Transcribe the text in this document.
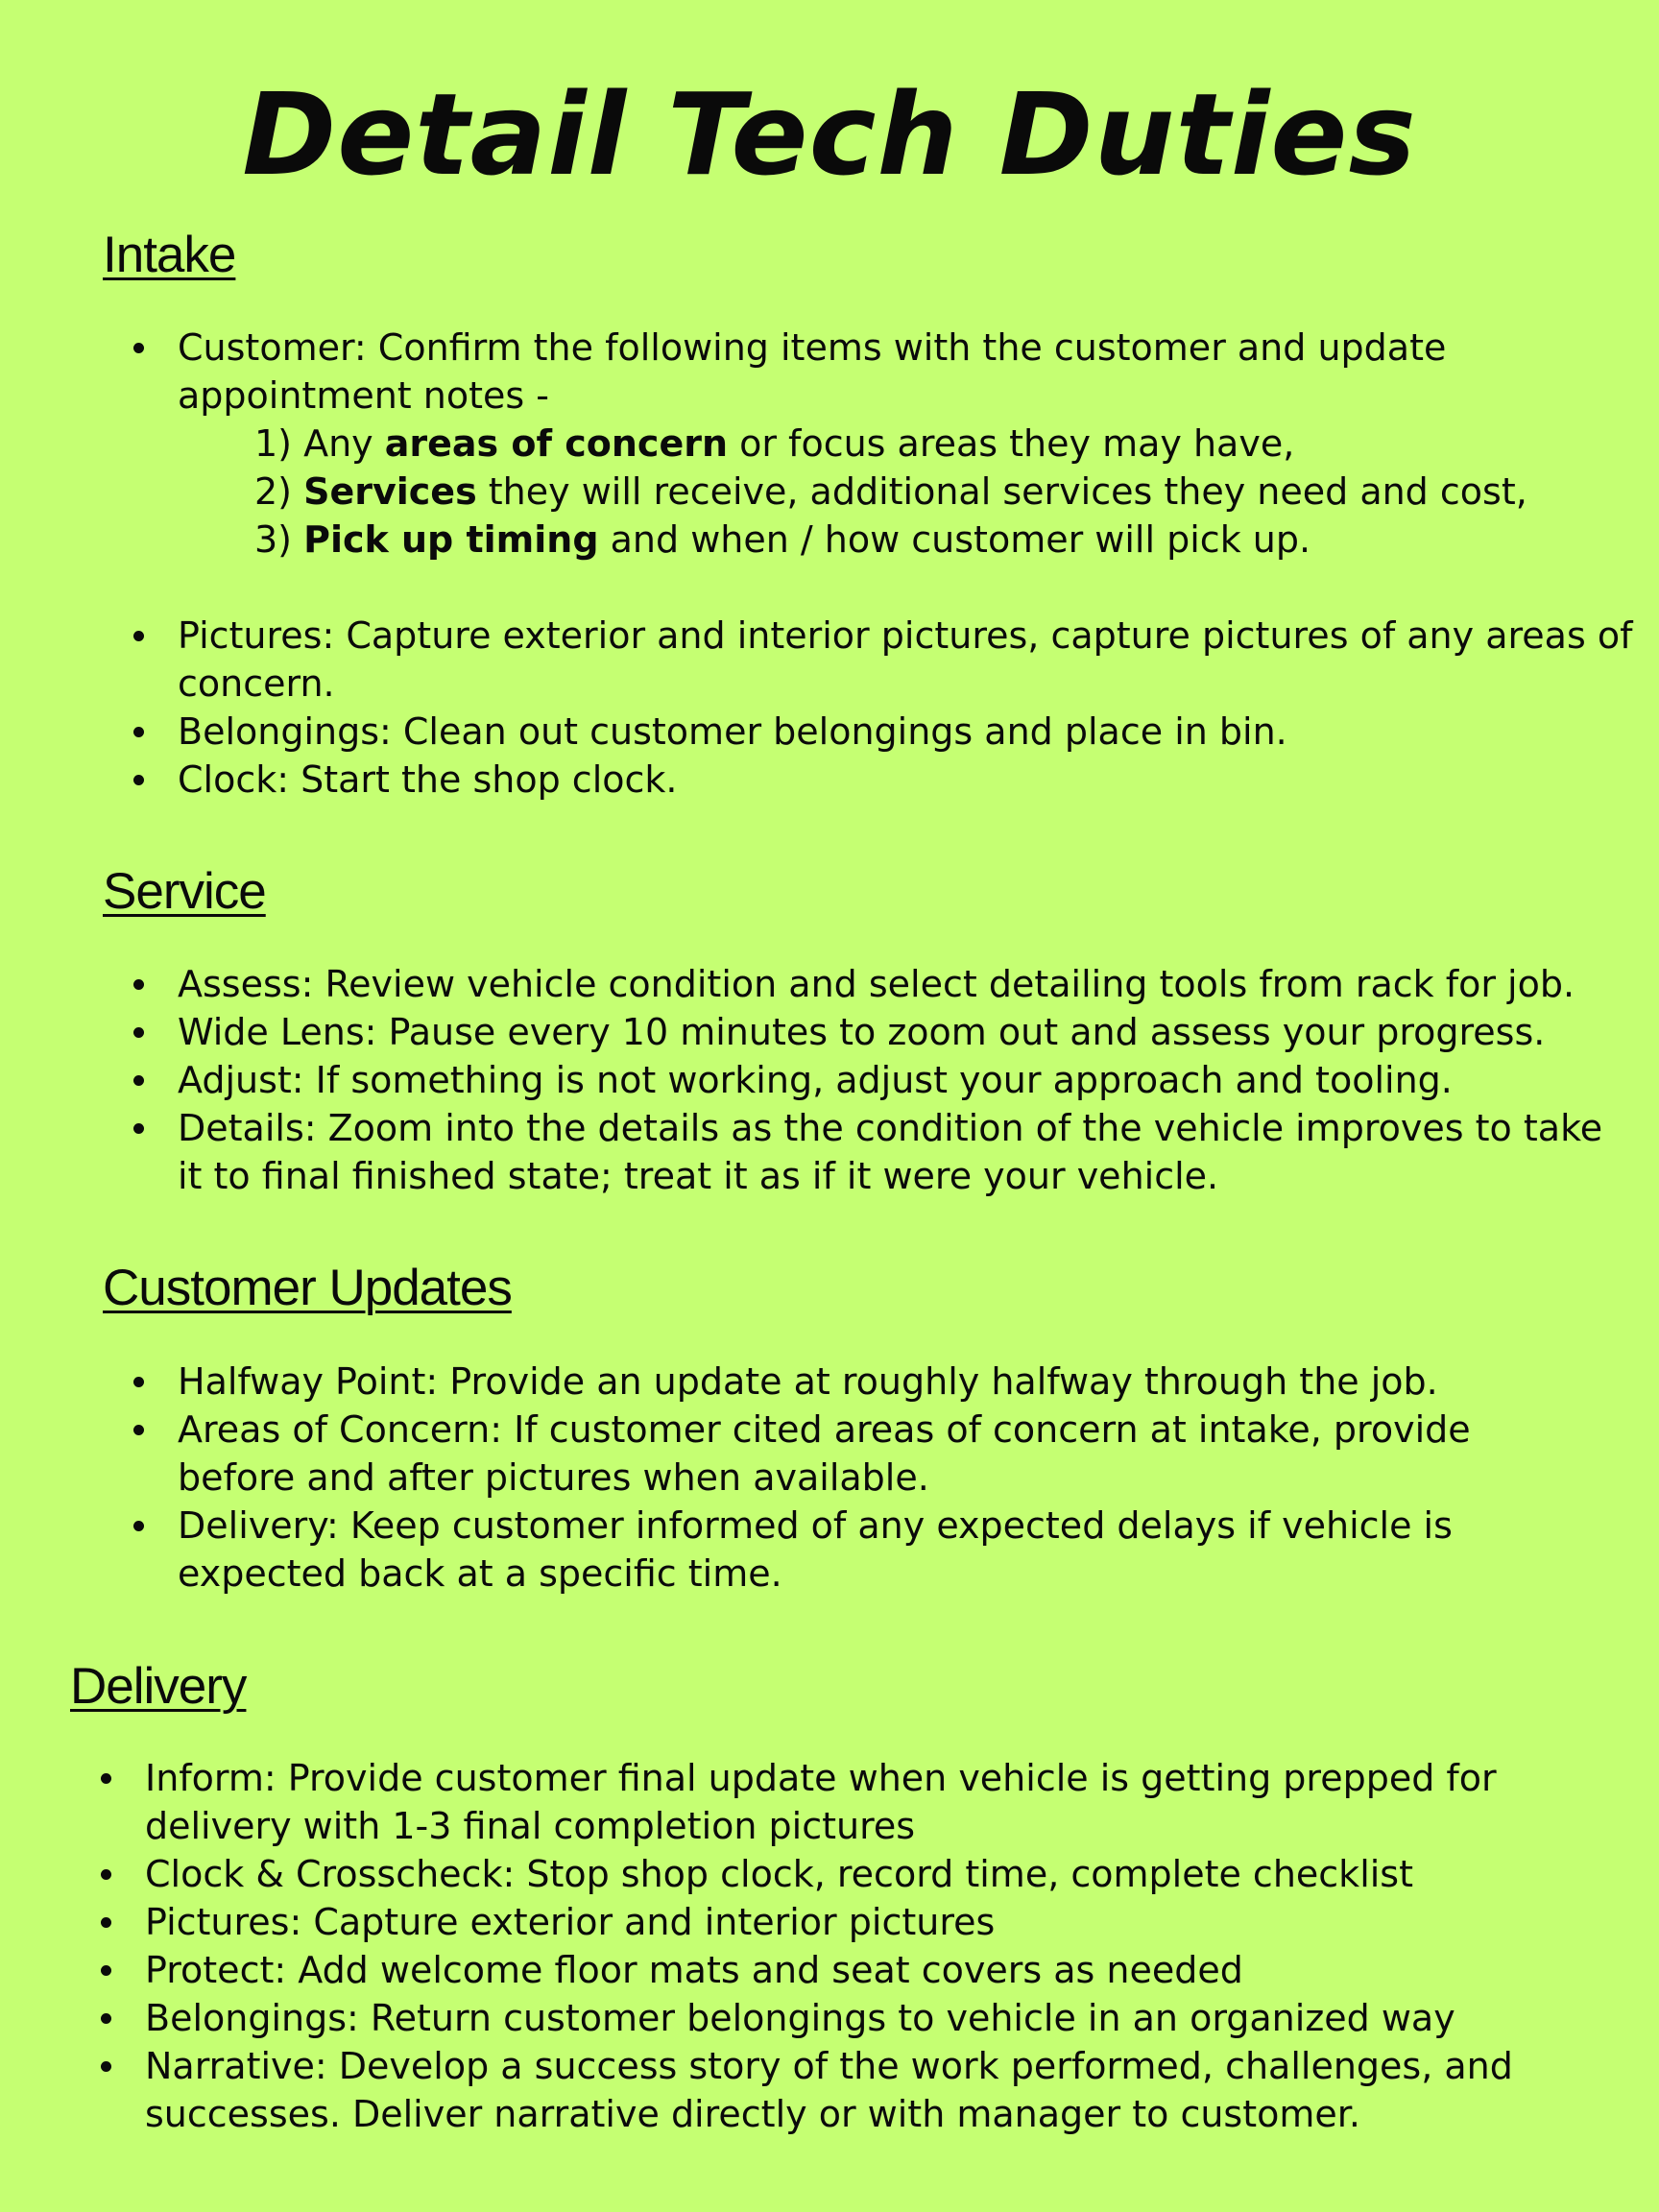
Detail Tech Duties
Intake
Customer: Confirm the following items with the customer and update appointment notes -
1) Any areas of concern or focus areas they may have,
2) Services they will receive, additional services they need and cost,
3) Pick up timing and when / how customer will pick up.
Pictures: Capture exterior and interior pictures, capture pictures of any areas of concern.
Belongings: Clean out customer belongings and place in bin.
Clock: Start the shop clock.
Service
Assess: Review vehicle condition and select detailing tools from rack for job.
Wide Lens: Pause every 10 minutes to zoom out and assess your progress.
Adjust: If something is not working, adjust your approach and tooling.
Details: Zoom into the details as the condition of the vehicle improves to take it to final finished state; treat it as if it were your vehicle.
Customer Updates
Halfway Point: Provide an update at roughly halfway through the job.
Areas of Concern: If customer cited areas of concern at intake, provide before and after pictures when available.
Delivery: Keep customer informed of any expected delays if vehicle is expected back at a specific time.
Delivery
Inform: Provide customer final update when vehicle is getting prepped for delivery with 1-3 final completion pictures
Clock & Crosscheck: Stop shop clock, record time, complete checklist
Pictures: Capture exterior and interior pictures
Protect: Add welcome floor mats and seat covers as needed
Belongings: Return customer belongings to vehicle in an organized way
Narrative: Develop a success story of the work performed, challenges, and successes. Deliver narrative directly or with manager to customer.
